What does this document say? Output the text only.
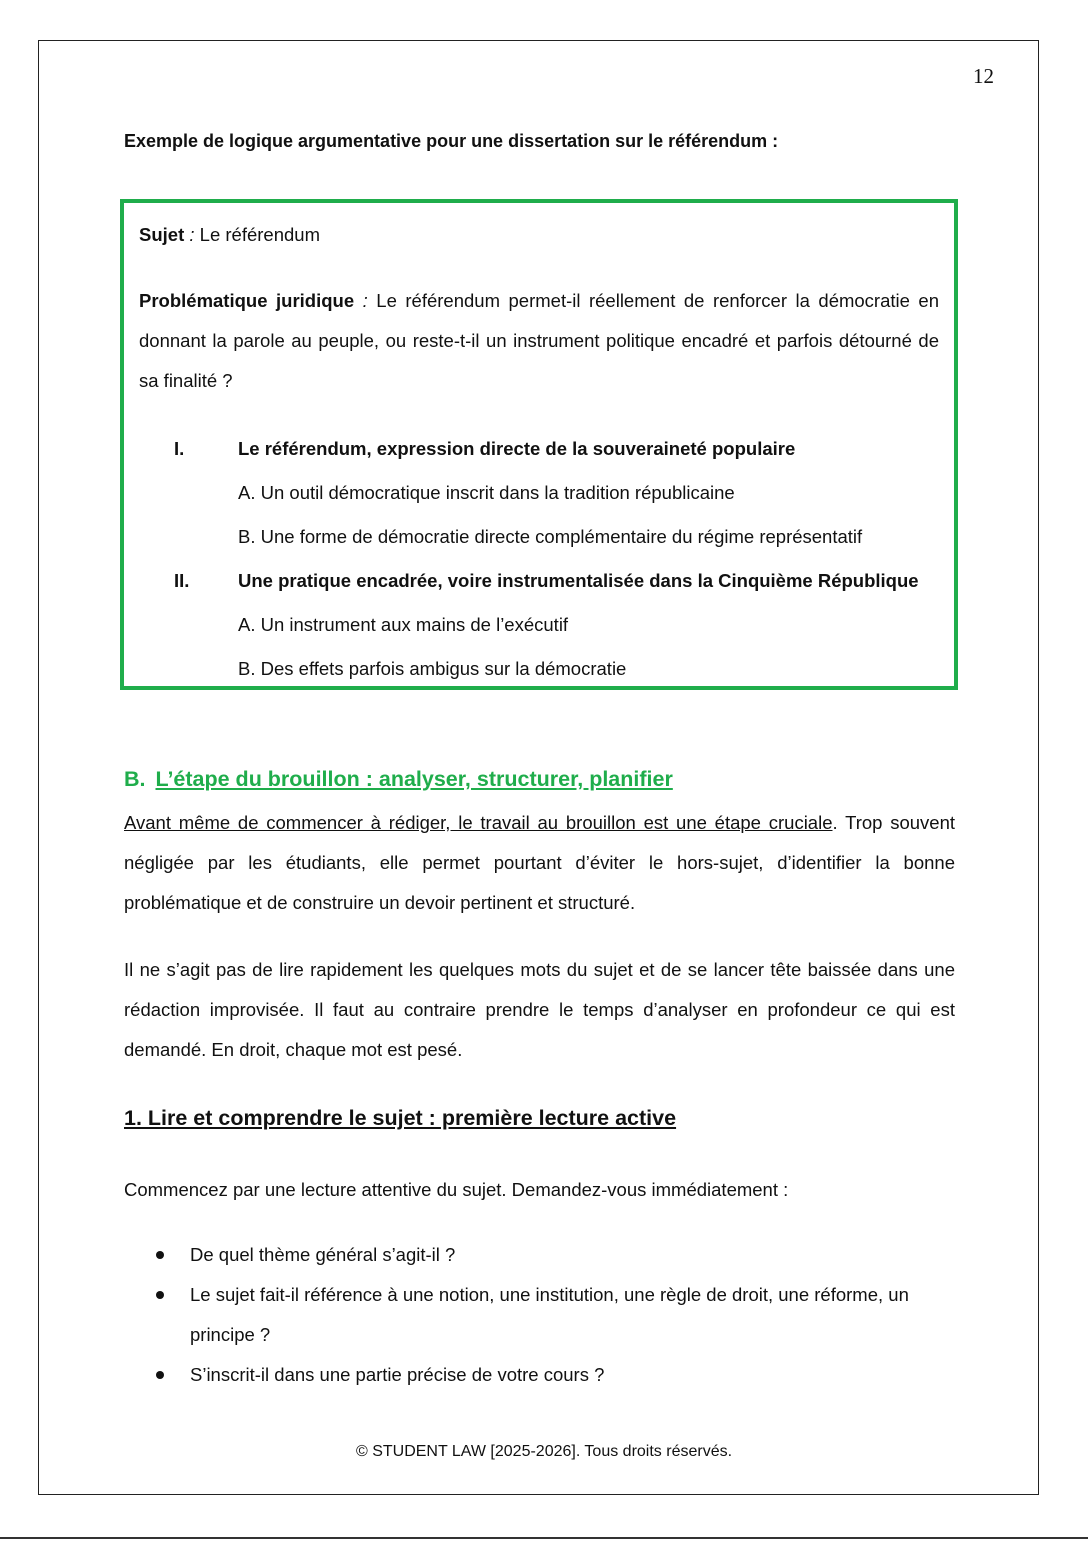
12
Exemple de logique argumentative pour une dissertation sur le référendum :

Sujet : Le référendum

Problématique juridique : Le référendum permet-il réellement de renforcer la démocratie en donnant la parole au peuple, ou reste-t-il un instrument politique encadré et parfois détourné de sa finalité ?

I.	Le référendum, expression directe de la souveraineté populaire
A. Un outil démocratique inscrit dans la tradition républicaine
B. Une forme de démocratie directe complémentaire du régime représentatif
II.	Une pratique encadrée, voire instrumentalisée dans la Cinquième République
A. Un instrument aux mains de l’exécutif
B. Des effets parfois ambigus sur la démocratie
B. L’étape du brouillon : analyser, structurer, planifier

Avant même de commencer à rédiger, le travail au brouillon est une étape cruciale. Trop souvent négligée par les étudiants, elle permet pourtant d’éviter le hors-sujet, d’identifier la bonne problématique et de construire un devoir pertinent et structuré.

Il ne s’agit pas de lire rapidement les quelques mots du sujet et de se lancer tête baissée dans une rédaction improvisée. Il faut au contraire prendre le temps d’analyser en profondeur ce qui est demandé. En droit, chaque mot est pesé.

1. Lire et comprendre le sujet : première lecture active
Commencez par une lecture attentive du sujet. Demandez-vous immédiatement :
De quel thème général s’agit-il ?
Le sujet fait-il référence à une notion, une institution, une règle de droit, une réforme, un principe ?
S’inscrit-il dans une partie précise de votre cours ?
© STUDENT LAW [2025-2026]. Tous droits réservés.
